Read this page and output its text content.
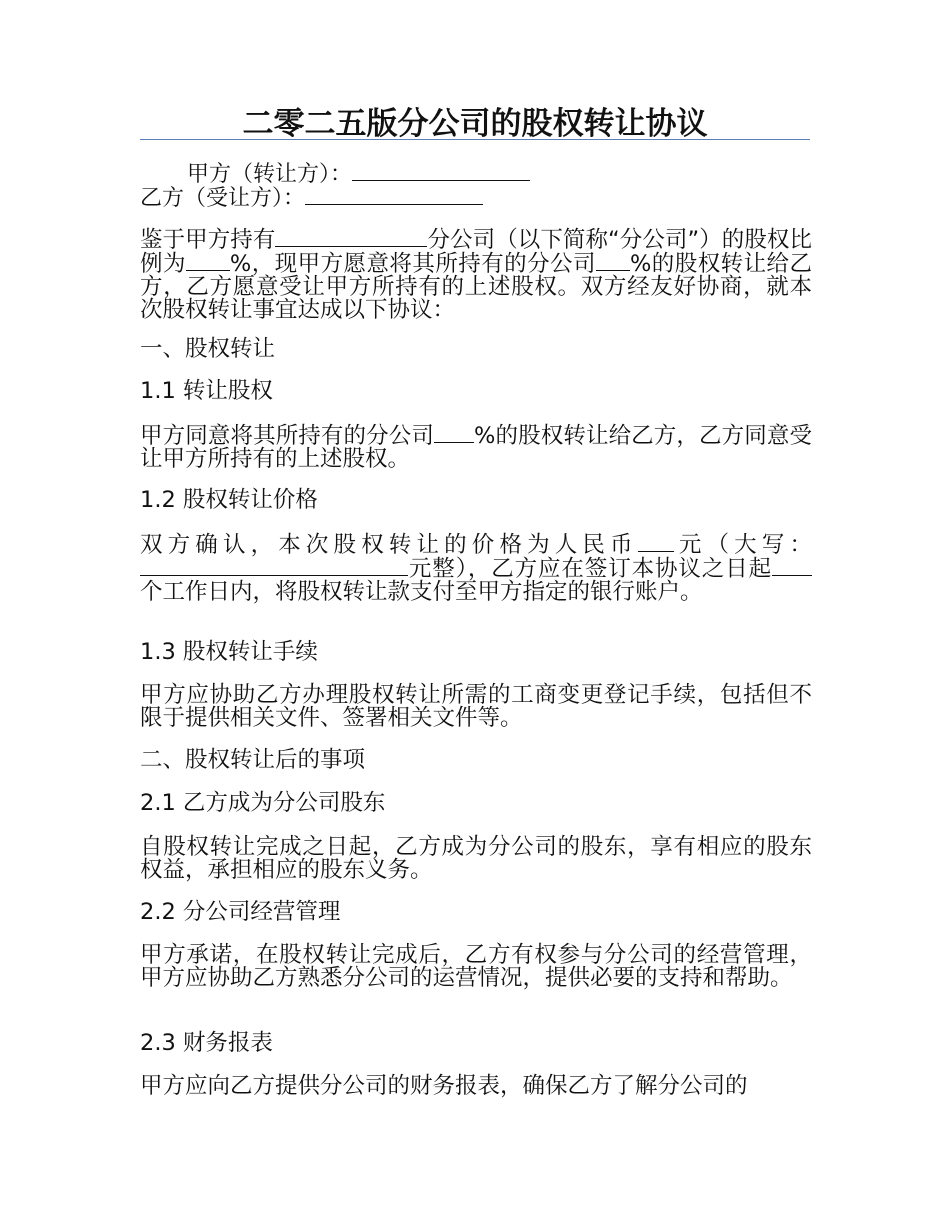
二零二五版分公司的股权转让协议
甲方（转让方）：
乙方（受让方）：
鉴于甲方持有	分公司（以下简称“分公司”）的股权比例为 %，现甲方愿意将其所持有的分公司 %的股权转让给乙方，乙方愿意受让甲方所持有的上述股权。双方经友好协商，就本次股权转让事宜达成以下协议：
一、股权转让
1.1 转让股权
甲方同意将其所持有的分公司 %的股权转让给乙方，乙方同意受让甲方所持有的上述股权。
1.2 股权转让价格
双方确认，本次股权转让的价格为人民币 元（大写：元整），乙方应在签订本协议之日起个工作日内，将股权转让款支付至甲方指定的银行账户。
1.3 股权转让手续
甲方应协助乙方办理股权转让所需的工商变更登记手续，包括但不限于提供相关文件、签署相关文件等。
二、股权转让后的事项
2.1 乙方成为分公司股东
自股权转让完成之日起，乙方成为分公司的股东，享有相应的股东权益，承担相应的股东义务。
2.2 分公司经营管理
甲方承诺，在股权转让完成后，乙方有权参与分公司的经营管理，甲方应协助乙方熟悉分公司的运营情况，提供必要的支持和帮助。
2.3 财务报表
甲方应向乙方提供分公司的财务报表，确保乙方了解分公司的
